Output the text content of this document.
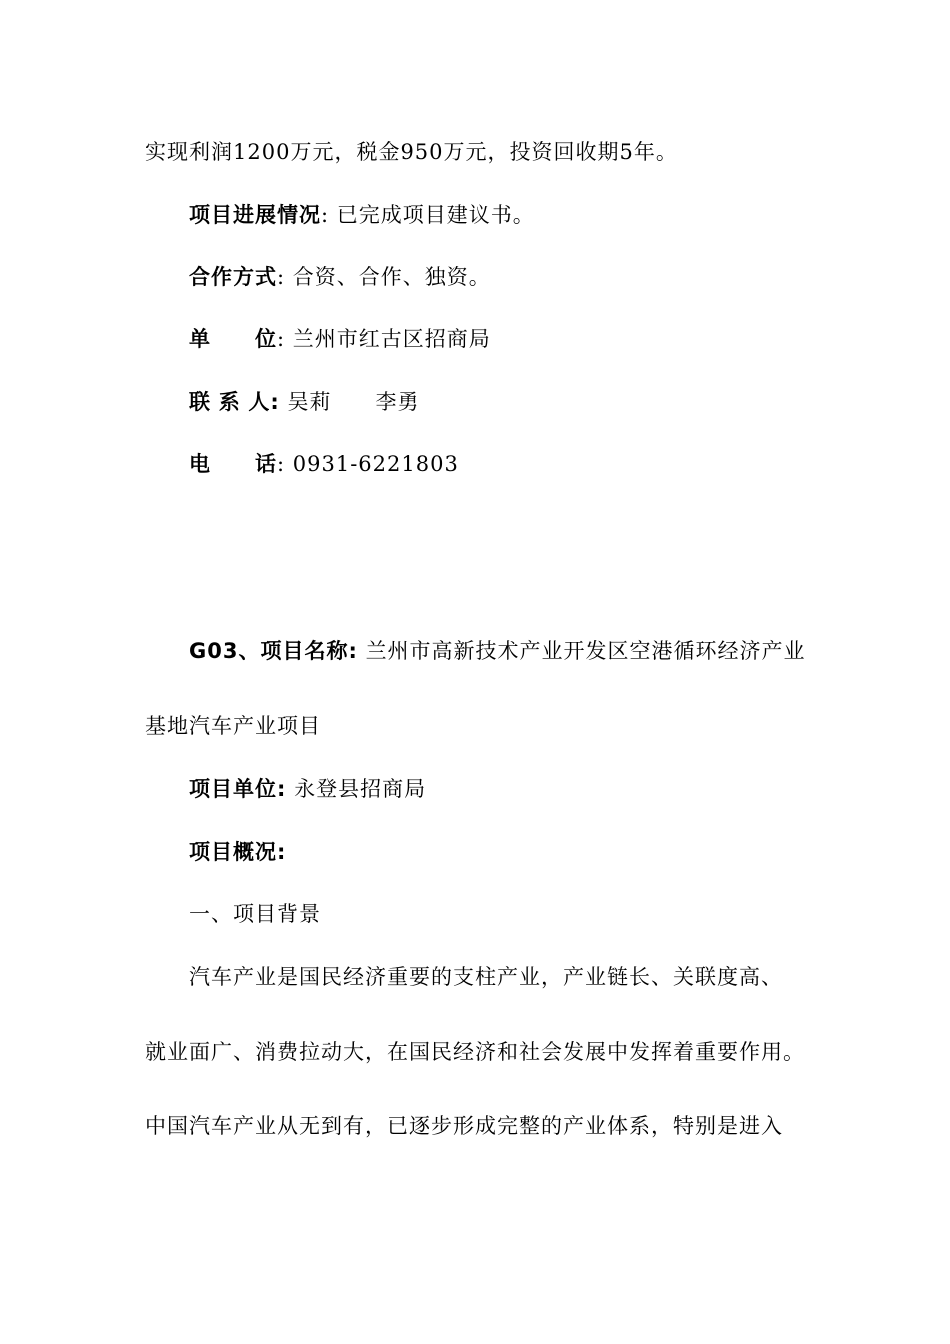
实现利润1200万元，税金950万元，投资回收期5年。
项目进展情况: 已完成项目建议书。
合作方式: 合资、合作、独资。
单 位: 兰州市红古区招商局
联 系 人: 吴莉 李勇
电 话: 0931-6221803
G03、项目名称: 兰州市高新技术产业开发区空港循环经济产业
基地汽车产业项目
项目单位: 永登县招商局
项目概况:
一、项目背景
汽车产业是国民经济重要的支柱产业，产业链长、关联度高、
就业面广、消费拉动大，在国民经济和社会发展中发挥着重要作用。
中国汽车产业从无到有，已逐步形成完整的产业体系，特别是进入
